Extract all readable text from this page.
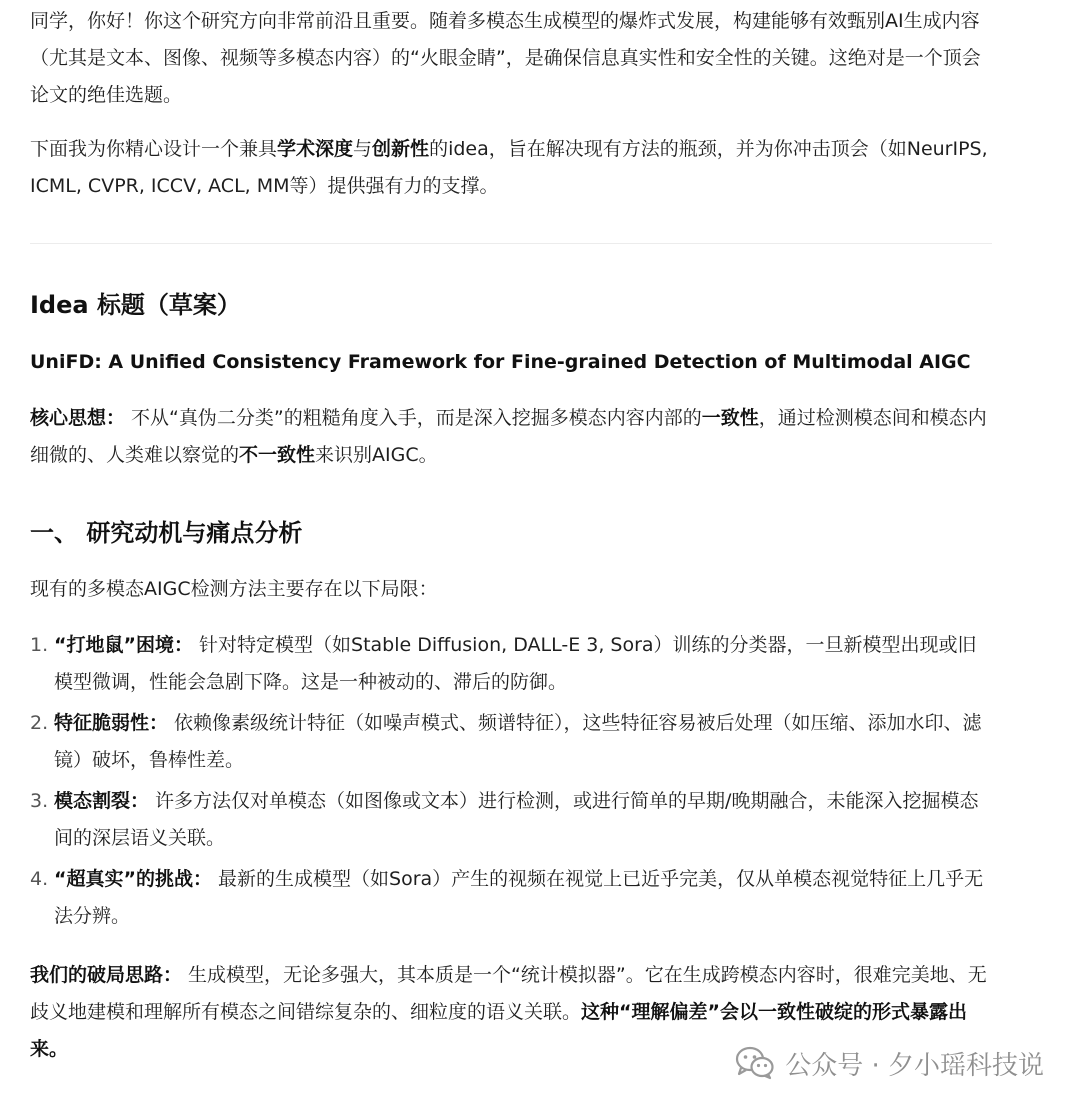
同学，你好！你这个研究方向非常前沿且重要。随着多模态生成模型的爆炸式发展，构建能够有效甄别AI生成内容（尤其是文本、图像、视频等多模态内容）的“火眼金睛”，是确保信息真实性和安全性的关键。这绝对是一个顶会论文的绝佳选题。

下面我为你精心设计一个兼具学术深度与创新性的idea，旨在解决现有方法的瓶颈，并为你冲击顶会（如NeurIPS, ICML, CVPR, ICCV, ACL, MM等）提供强有力的支撑。

Idea 标题（草案）
UniFD: A Unified Consistency Framework for Fine-grained Detection of Multimodal AIGC

核心思想： 不从“真伪二分类”的粗糙角度入手，而是深入挖掘多模态内容内部的一致性，通过检测模态间和模态内细微的、人类难以察觉的不一致性来识别AIGC。

一、 研究动机与痛点分析

现有的多模态AIGC检测方法主要存在以下局限：

1. “打地鼠”困境： 针对特定模型（如Stable Diffusion, DALL-E 3, Sora）训练的分类器，一旦新模型出现或旧模型微调，性能会急剧下降。这是一种被动的、滞后的防御。

2. 特征脆弱性： 依赖像素级统计特征（如噪声模式、频谱特征），这些特征容易被后处理（如压缩、添加水印、滤镜）破坏，鲁棒性差。

3. 模态割裂： 许多方法仅对单模态（如图像或文本）进行检测，或进行简单的早期/晚期融合，未能深入挖掘模态间的深层语义关联。

4. “超真实”的挑战： 最新的生成模型（如Sora）产生的视频在视觉上已近乎完美，仅从单模态视觉特征上几乎无法分辨。

我们的破局思路： 生成模型，无论多强大，其本质是一个“统计模拟器”。它在生成跨模态内容时，很难完美地、无歧义地建模和理解所有模态之间错综复杂的、细粒度的语义关联。这种“理解偏差”会以一致性破绽的形式暴露出来。

公众号 · 夕小瑶科技说
